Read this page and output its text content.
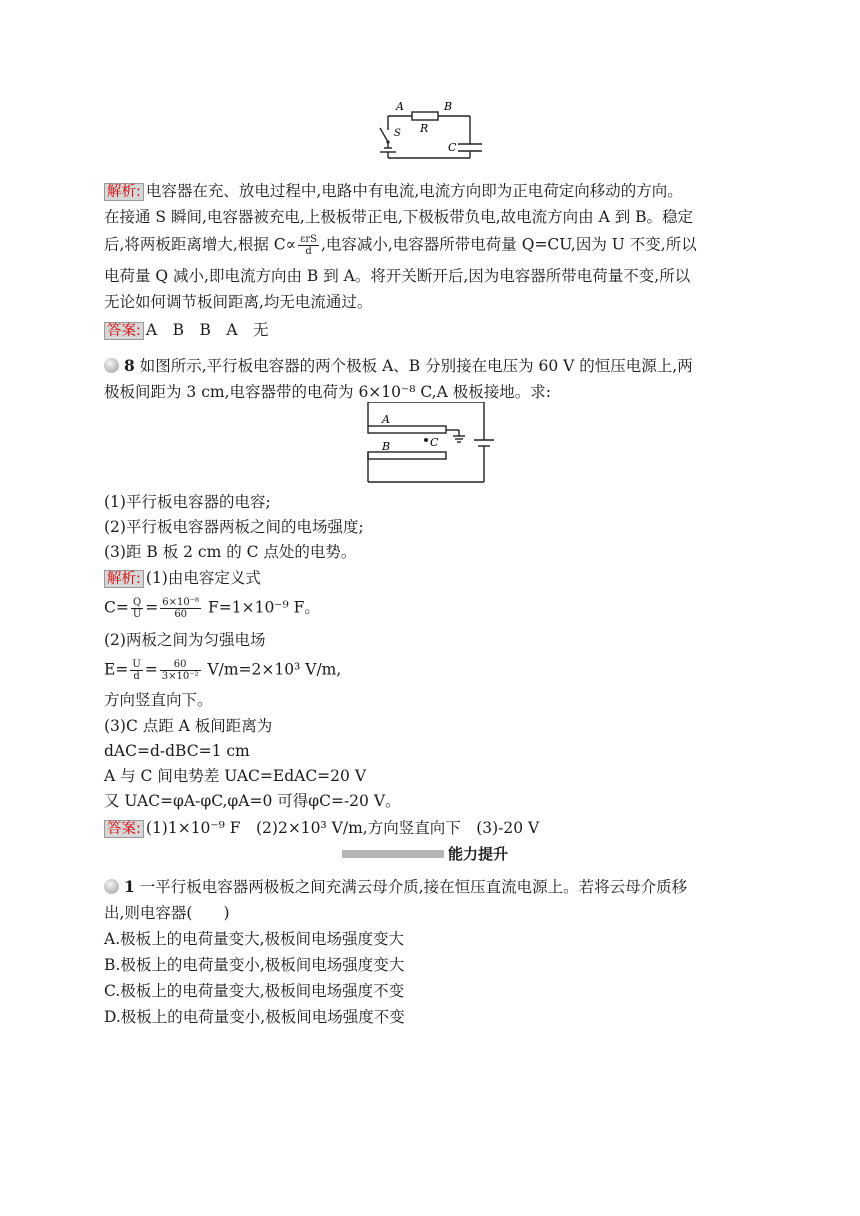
A	B
R
S
C
解析: 电容器在充、放电过程中,电路中有电流,电流方向即为正电荷定向移动的方向。
在接通 S 瞬间,电容器被充电,上极板带正电,下极板带负电,故电流方向由 A 到 B。稳定
后,将两板距离增大,根据 $C\propto \frac{\text{εrS}}{d}$ ,电容减小,电容器所带电荷量 Q=CU,因为 U 不变,所以
电荷量 Q 减小,即电流方向由 B 到 A。将开关断开后,因为电容器所带电荷量不变,所以
无论如何调节板间距离,均无电流通过。
答案: A　B　B　A　无
8 如图所示,平行板电容器的两个极板 A、B 分别接在电压为 60 V 的恒压电源上,两
极板间距为 3 cm,电容器带的电荷为 6×10⁻⁸ C,A 极板接地。求:
A
B	C
(1)平行板电容器的电容;
(2)平行板电容器两板之间的电场强度;
(3)距 B 板 2 cm 的 C 点处的电势。
解析: (1)由电容定义式
$C= \frac{Q}{U} = \frac{\text{6×10⁻⁸}}{60} F=1\times 10^{-9}$ F。
(2)两板之间为匀强电场
$E= \frac{U}{d} = \frac{60}{\text{3×10⁻²}} V/m=2\times 10^3$ V/m,
方向竖直向下。
(3)C 点距 A 板间距离为
dAC=d-dBC=1 cm
A 与 C 间电势差 UAC=EdAC=20 V
又 UAC=φA-φC,φA=0 可得φC=-20 V。
答案: (1)1×10⁻⁹ F　(2)2×10³ V/m,方向竖直向下　(3)-20 V
能力提升
1 一平行板电容器两极板之间充满云母介质,接在恒压直流电源上。若将云母介质移
出,则电容器(　　)
A.极板上的电荷量变大,极板间电场强度变大
B.极板上的电荷量变小,极板间电场强度变大
C.极板上的电荷量变大,极板间电场强度不变
D.极板上的电荷量变小,极板间电场强度不变
